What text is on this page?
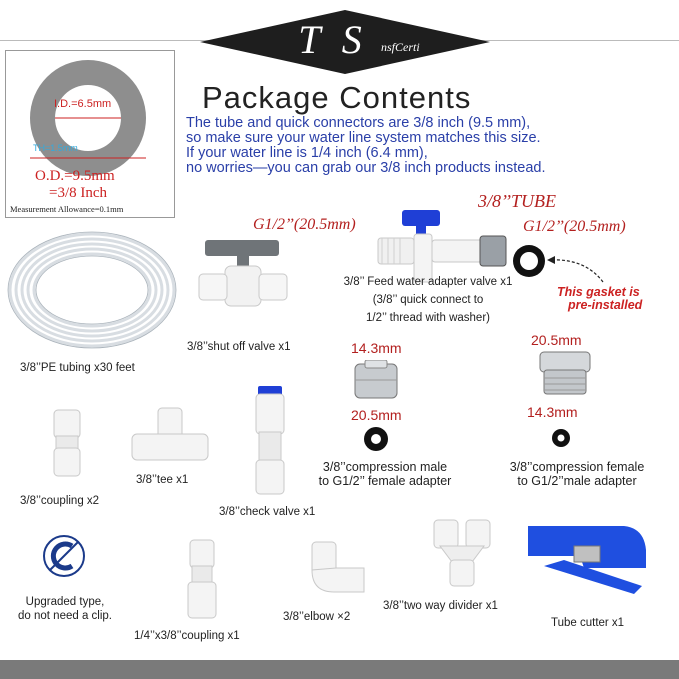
T S	nsfCerti
Package Contents
The tube and quick connectors are 3/8 inch (9.5 mm),
so make sure your water line system matches this size.
If your water line is 1/4 inch (6.4 mm),
no worries—you can grab our 3/8 inch products instead.
I.D.=6.5mm
TH=1.5mm
O.D.=9.5mm
=3/8 Inch
Measurement Allowance=0.1mm	3/8’’TUBE
G1/2’’(20.5mm)	G1/2’’(20.5mm)
3/8’’PE tubing x30 feet
3/8’’shut off valve x1
3/8’’ Feed water adapter valve x1
(3/8’’ quick connect to
1/2’’ thread with washer)
This gasket is
pre-installed
14.3mm	20.5mm
20.5mm	14.3mm
3/8’’compression male
to G1/2’’ female adapter
3/8’’compression female
to G1/2’’male adapter
3/8’’coupling x2
3/8’’tee x1
3/8’’check valve x1
Upgraded type,
do not need a clip.
1/4’’x3/8’’coupling x1
3/8’’elbow ×2
3/8’’two way divider x1
Tube cutter x1
